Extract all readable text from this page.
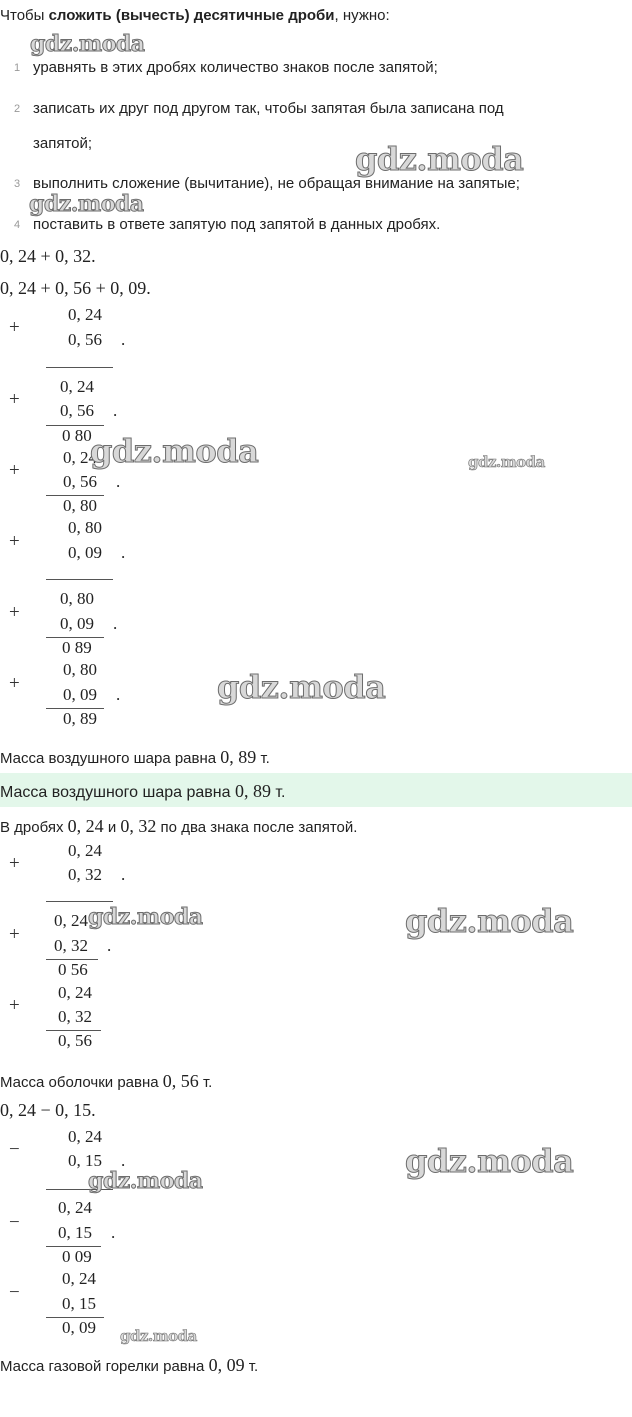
Чтобы сложить (вычесть) десятичные дроби, нужно:
1 уравнять в этих дробях количество знаков после запятой;
2 записать их друг под другом так, чтобы запятая была записана под
запятой;
3 выполнить сложение (вычитание), не обращая внимание на запятые;
4 поставить в ответе запятую под запятой в данных дробях.
0, 24 + 0, 32.
0, 24 + 0, 56 + 0, 09.
+
0, 24
0, 56 .
+
0, 24
0, 56 .
0 80
+
0, 24
0, 56 .
0, 80
+
0, 80
0, 09 .
+
0, 80
0, 09 .
0 89
+
0, 80
0, 09 .
0, 89
Масса воздушного шара равна 0, 89 т.
Масса воздушного шара равна 0, 89 т.
В дробях 0, 24 и 0, 32 по два знака после запятой.
+
0, 24
0, 32 .
+
0, 24
0, 32 .
0 56
+
0, 24
0, 32
0, 56
Масса оболочки равна 0, 56 т.
0, 24 − 0, 15.
−
0, 24
0, 15 .
−
0, 24
0, 15 .
0 09
−
0, 24
0, 15
0, 09
Масса газовой горелки равна 0, 09 т.
gdz.moda
gdz.moda
gdz.moda
gdz.moda	gdz.moda
gdz.moda
gdz.moda	gdz.moda
gdz.moda
gdz.moda
gdz.moda
